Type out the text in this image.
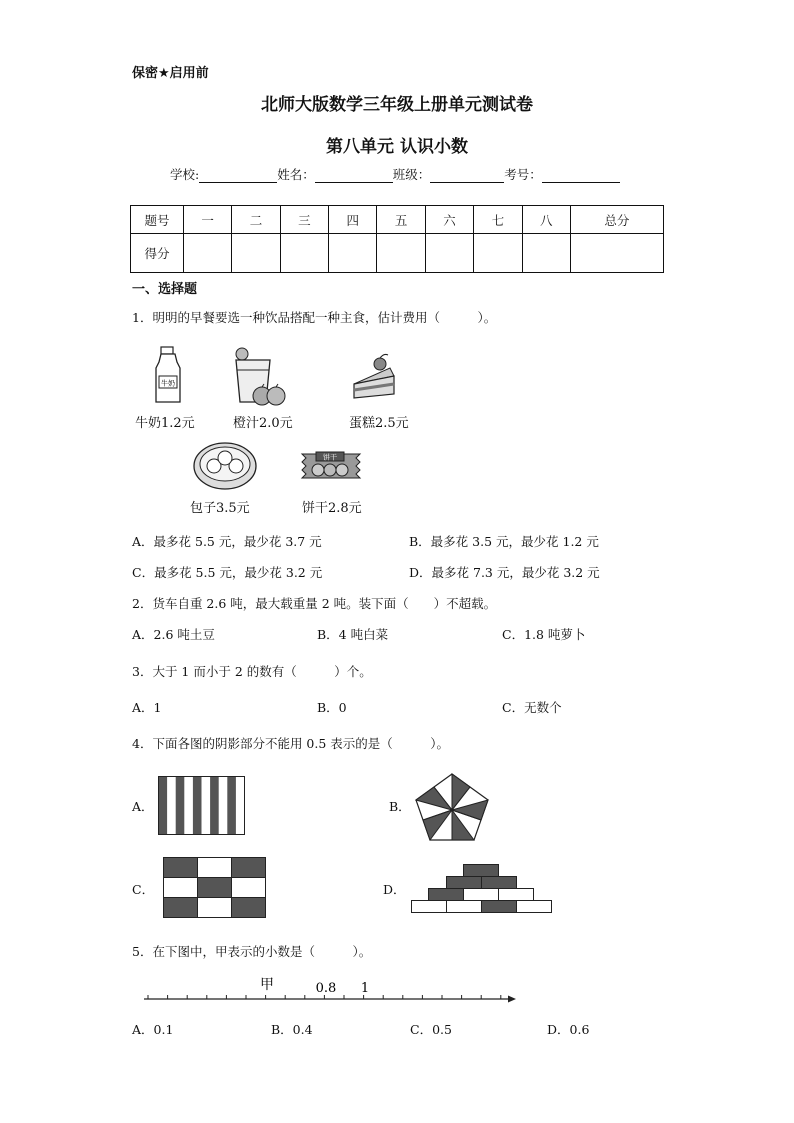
保密★启用前
北师大版数学三年级上册单元测试卷
第八单元 认识小数
学校:	姓名：	班级：	考号：
题号	一	二	三	四	五	六	七	八	总分
得分									
一、选择题
1．明明的早餐要选一种饮品搭配一种主食，估计费用（　　　）。
牛奶
牛奶1.2元	橙汁2.0元	蛋糕2.5元
包子3.5元
饼干
饼干2.8元
A．最多花 5.5 元，最少花 3.7 元	B．最多花 3.5 元，最少花 1.2 元
C．最多花 5.5 元，最少花 3.2 元	D．最多花 7.3 元，最少花 3.2 元
2．货车自重 2.6 吨，最大载重量 2 吨。装下面（　　）不超载。
A．2.6 吨土豆	B．4 吨白菜	C．1.8 吨萝卜
3．大于 1 而小于 2 的数有（　　　）个。
A．1	B．0	C．无数个
4．下面各图的阴影部分不能用 0.5 表示的是（　　　）。
A．	B．
C．	D．
5．在下图中，甲表示的小数是（　　　）。
甲	0.8 1
A．0.1	B．0.4	C．0.5	D．0.6
